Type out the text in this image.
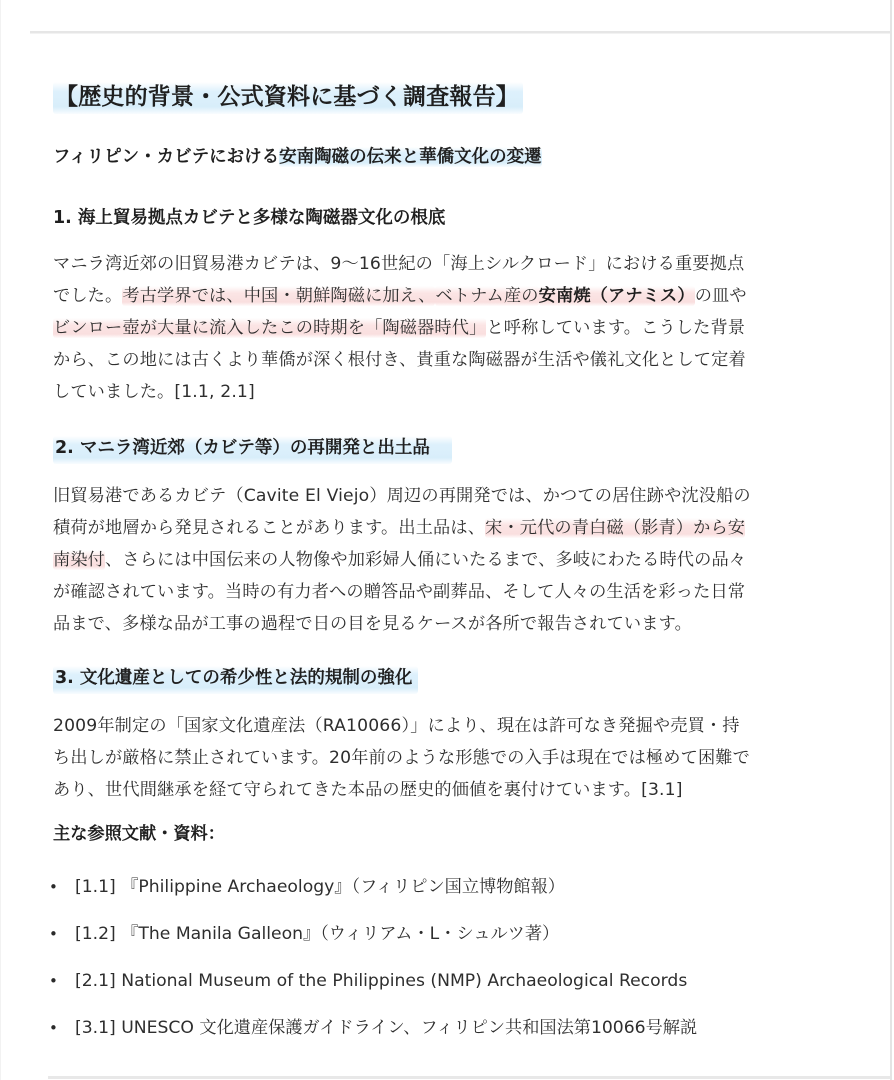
【歴史的背景・公式資料に基づく調査報告】
フィリピン・カビテにおける安南陶磁の伝来と華僑文化の変遷
1. 海上貿易拠点カビテと多様な陶磁器文化の根底
マニラ湾近郊の旧貿易港カビテは、9〜16世紀の「海上シルクロード」における重要拠点
でした。考古学界では、中国・朝鮮陶磁に加え、ベトナム産の安南焼（アナミス）の皿や
ビンロー壺が大量に流入したこの時期を「陶磁器時代」と呼称しています。こうした背景
から、この地には古くより華僑が深く根付き、貴重な陶磁器が生活や儀礼文化として定着
していました。[1.1, 2.1]
2. マニラ湾近郊（カビテ等）の再開発と出土品
旧貿易港であるカビテ（Cavite El Viejo）周辺の再開発では、かつての居住跡や沈没船の
積荷が地層から発見されることがあります。出土品は、宋・元代の青白磁（影青）から安
南染付、さらには中国伝来の人物像や加彩婦人俑にいたるまで、多岐にわたる時代の品々
が確認されています。当時の有力者への贈答品や副葬品、そして人々の生活を彩った日常
品まで、多様な品が工事の過程で日の目を見るケースが各所で報告されています。
3. 文化遺産としての希少性と法的規制の強化
2009年制定の「国家文化遺産法（RA10066）」により、現在は許可なき発掘や売買・持
ち出しが厳格に禁止されています。20年前のような形態での入手は現在では極めて困難で
あり、世代間継承を経て守られてきた本品の歴史的価値を裏付けています。[3.1]
主な参照文献・資料：
• [1.1] 『Philippine Archaeology』（フィリピン国立博物館報）
• [1.2] 『The Manila Galleon』（ウィリアム・L・シュルツ著）
• [2.1] National Museum of the Philippines (NMP) Archaeological Records
• [3.1] UNESCO 文化遺産保護ガイドライン、フィリピン共和国法第10066号解説
